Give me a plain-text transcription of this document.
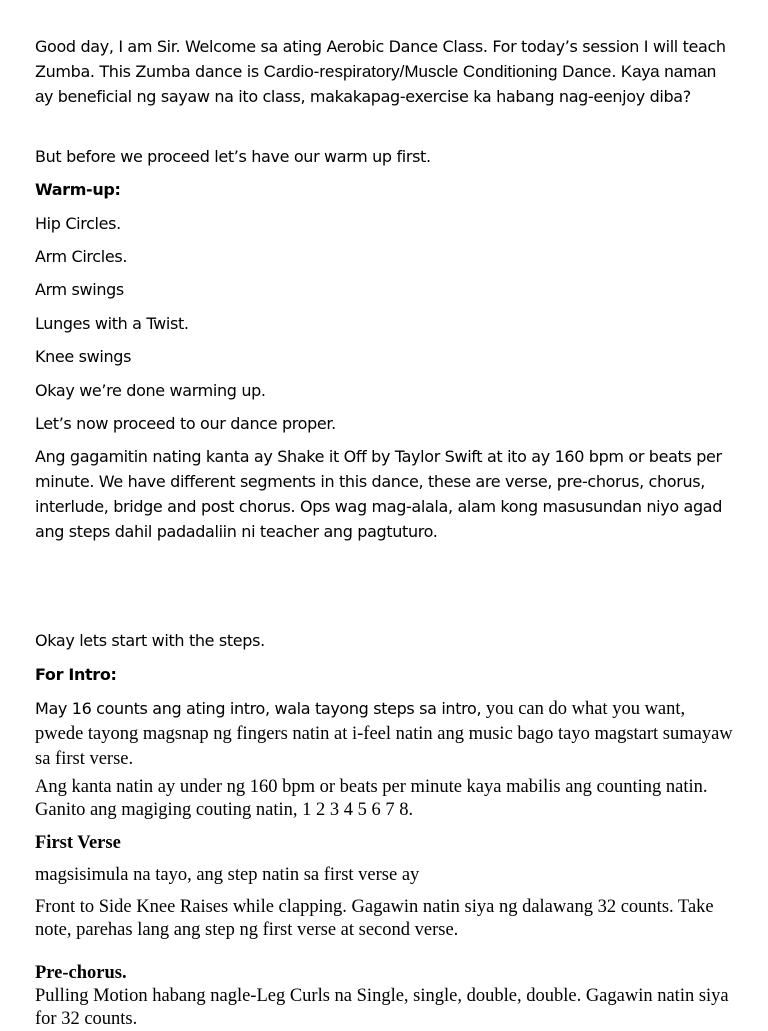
Good day, I am Sir. Welcome sa ating Aerobic Dance Class. For today’s session I will teach Zumba. This Zumba dance is Cardio-respiratory/Muscle Conditioning Dance. Kaya naman ay beneficial ng sayaw na ito class, makakapag-exercise ka habang nag-eenjoy diba?

But before we proceed let’s have our warm up first.

Warm-up:

Hip Circles.

Arm Circles.

Arm swings

Lunges with a Twist.

Knee swings

Okay we’re done warming up.

Let’s now proceed to our dance proper.

Ang gagamitin nating kanta ay Shake it Off by Taylor Swift at ito ay 160 bpm or beats per minute. We have different segments in this dance, these are verse, pre-chorus, chorus, interlude, bridge and post chorus. Ops wag mag-alala, alam kong masusundan niyo agad ang steps dahil padadaliin ni teacher ang pagtuturo.

Okay lets start with the steps.

For Intro:

May 16 counts ang ating intro, wala tayong steps sa intro, you can do what you want, pwede tayong magsnap ng fingers natin at i-feel natin ang music bago tayo magstart sumayaw sa first verse.

Ang kanta natin ay under ng 160 bpm or beats per minute kaya mabilis ang counting natin. Ganito ang magiging couting natin, 1 2 3 4 5 6 7 8.

First Verse

magsisimula na tayo, ang step natin sa first verse ay

Front to Side Knee Raises while clapping. Gagawin natin siya ng dalawang 32 counts. Take note, parehas lang ang step ng first verse at second verse.

Pre-chorus.

Pulling Motion habang nagle-Leg Curls na Single, single, double, double. Gagawin natin siya for 32 counts.
